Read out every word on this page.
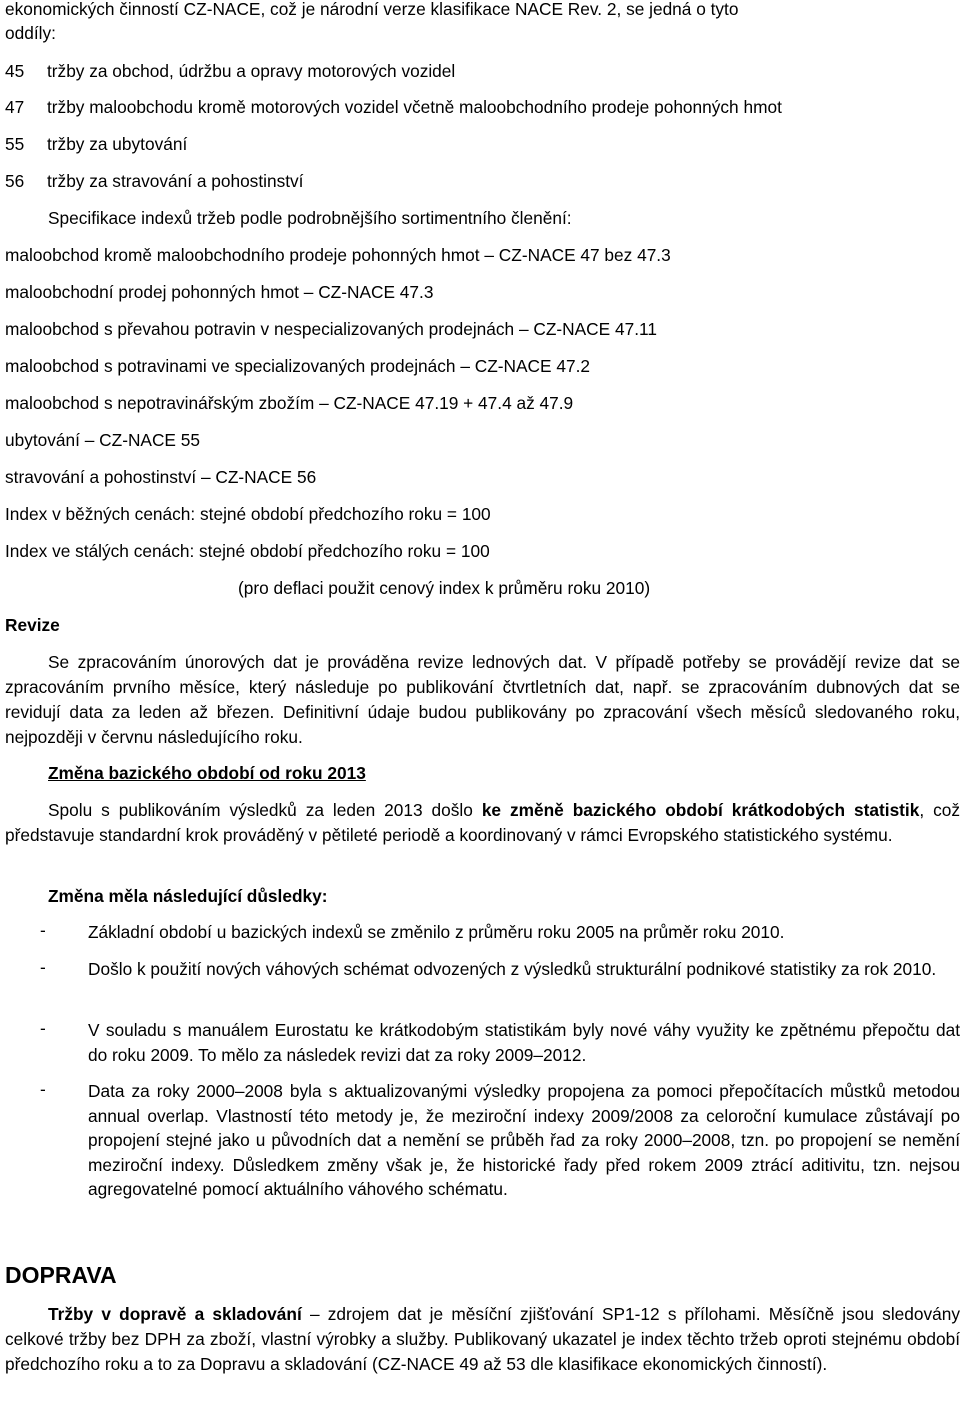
ekonomických činností CZ-NACE, což je národní verze klasifikace NACE Rev. 2, se jedná o tyto
oddíly:
45 tržby za obchod, údržbu a opravy motorových vozidel
47 tržby maloobchodu kromě motorových vozidel včetně maloobchodního prodeje pohonných hmot
55 tržby za ubytování
56 tržby za stravování a pohostinství
Specifikace indexů tržeb podle podrobnějšího sortimentního členění:
maloobchod kromě maloobchodního prodeje pohonných hmot – CZ-NACE 47 bez 47.3
maloobchodní prodej pohonných hmot – CZ-NACE 47.3
maloobchod s převahou potravin v nespecializovaných prodejnách – CZ-NACE 47.11
maloobchod s potravinami ve specializovaných prodejnách – CZ-NACE 47.2
maloobchod s nepotravinářským zbožím – CZ-NACE 47.19 + 47.4 až 47.9
ubytování – CZ-NACE 55
stravování a pohostinství – CZ-NACE 56
Index v běžných cenách: stejné období předchozího roku = 100
Index ve stálých cenách: stejné období předchozího roku = 100
(pro deflaci použit cenový index k průměru roku 2010)
Revize
Se zpracováním únorových dat je prováděna revize lednových dat. V případě potřeby se provádějí revize dat se zpracováním prvního měsíce, který následuje po publikování čtvrtletních dat, např. se zpracováním dubnových dat se revidují data za leden až březen. Definitivní údaje budou publikovány po zpracování všech měsíců sledovaného roku, nejpozději v červnu následujícího roku.
Změna bazického období od roku 2013
Spolu s publikováním výsledků za leden 2013 došlo ke změně bazického období krátkodobých statistik, což představuje standardní krok prováděný v pětileté periodě a koordinovaný v rámci Evropského statistického systému.
Změna měla následující důsledky:
- Základní období u bazických indexů se změnilo z průměru roku 2005 na průměr roku 2010.
- Došlo k použití nových váhových schémat odvozených z výsledků strukturální podnikové statistiky za rok 2010.
- V souladu s manuálem Eurostatu ke krátkodobým statistikám byly nové váhy využity ke zpětnému přepočtu dat do roku 2009. To mělo za následek revizi dat za roky 2009–2012.
- Data za roky 2000–2008 byla s aktualizovanými výsledky propojena za pomoci přepočítacích můstků metodou annual overlap. Vlastností této metody je, že meziroční indexy 2009/2008 za celoroční kumulace zůstávají po propojení stejné jako u původních dat a nemění se průběh řad za roky 2000–2008, tzn. po propojení se nemění meziroční indexy. Důsledkem změny však je, že historické řady před rokem 2009 ztrácí aditivitu, tzn. nejsou agregovatelné pomocí aktuálního váhového schématu.
DOPRAVA
Tržby v dopravě a skladování – zdrojem dat je měsíční zjišťování SP1-12 s přílohami. Měsíčně jsou sledovány celkové tržby bez DPH za zboží, vlastní výrobky a služby. Publikovaný ukazatel je index těchto tržeb oproti stejnému období předchozího roku a to za Dopravu a skladování (CZ-NACE 49 až 53 dle klasifikace ekonomických činností).
